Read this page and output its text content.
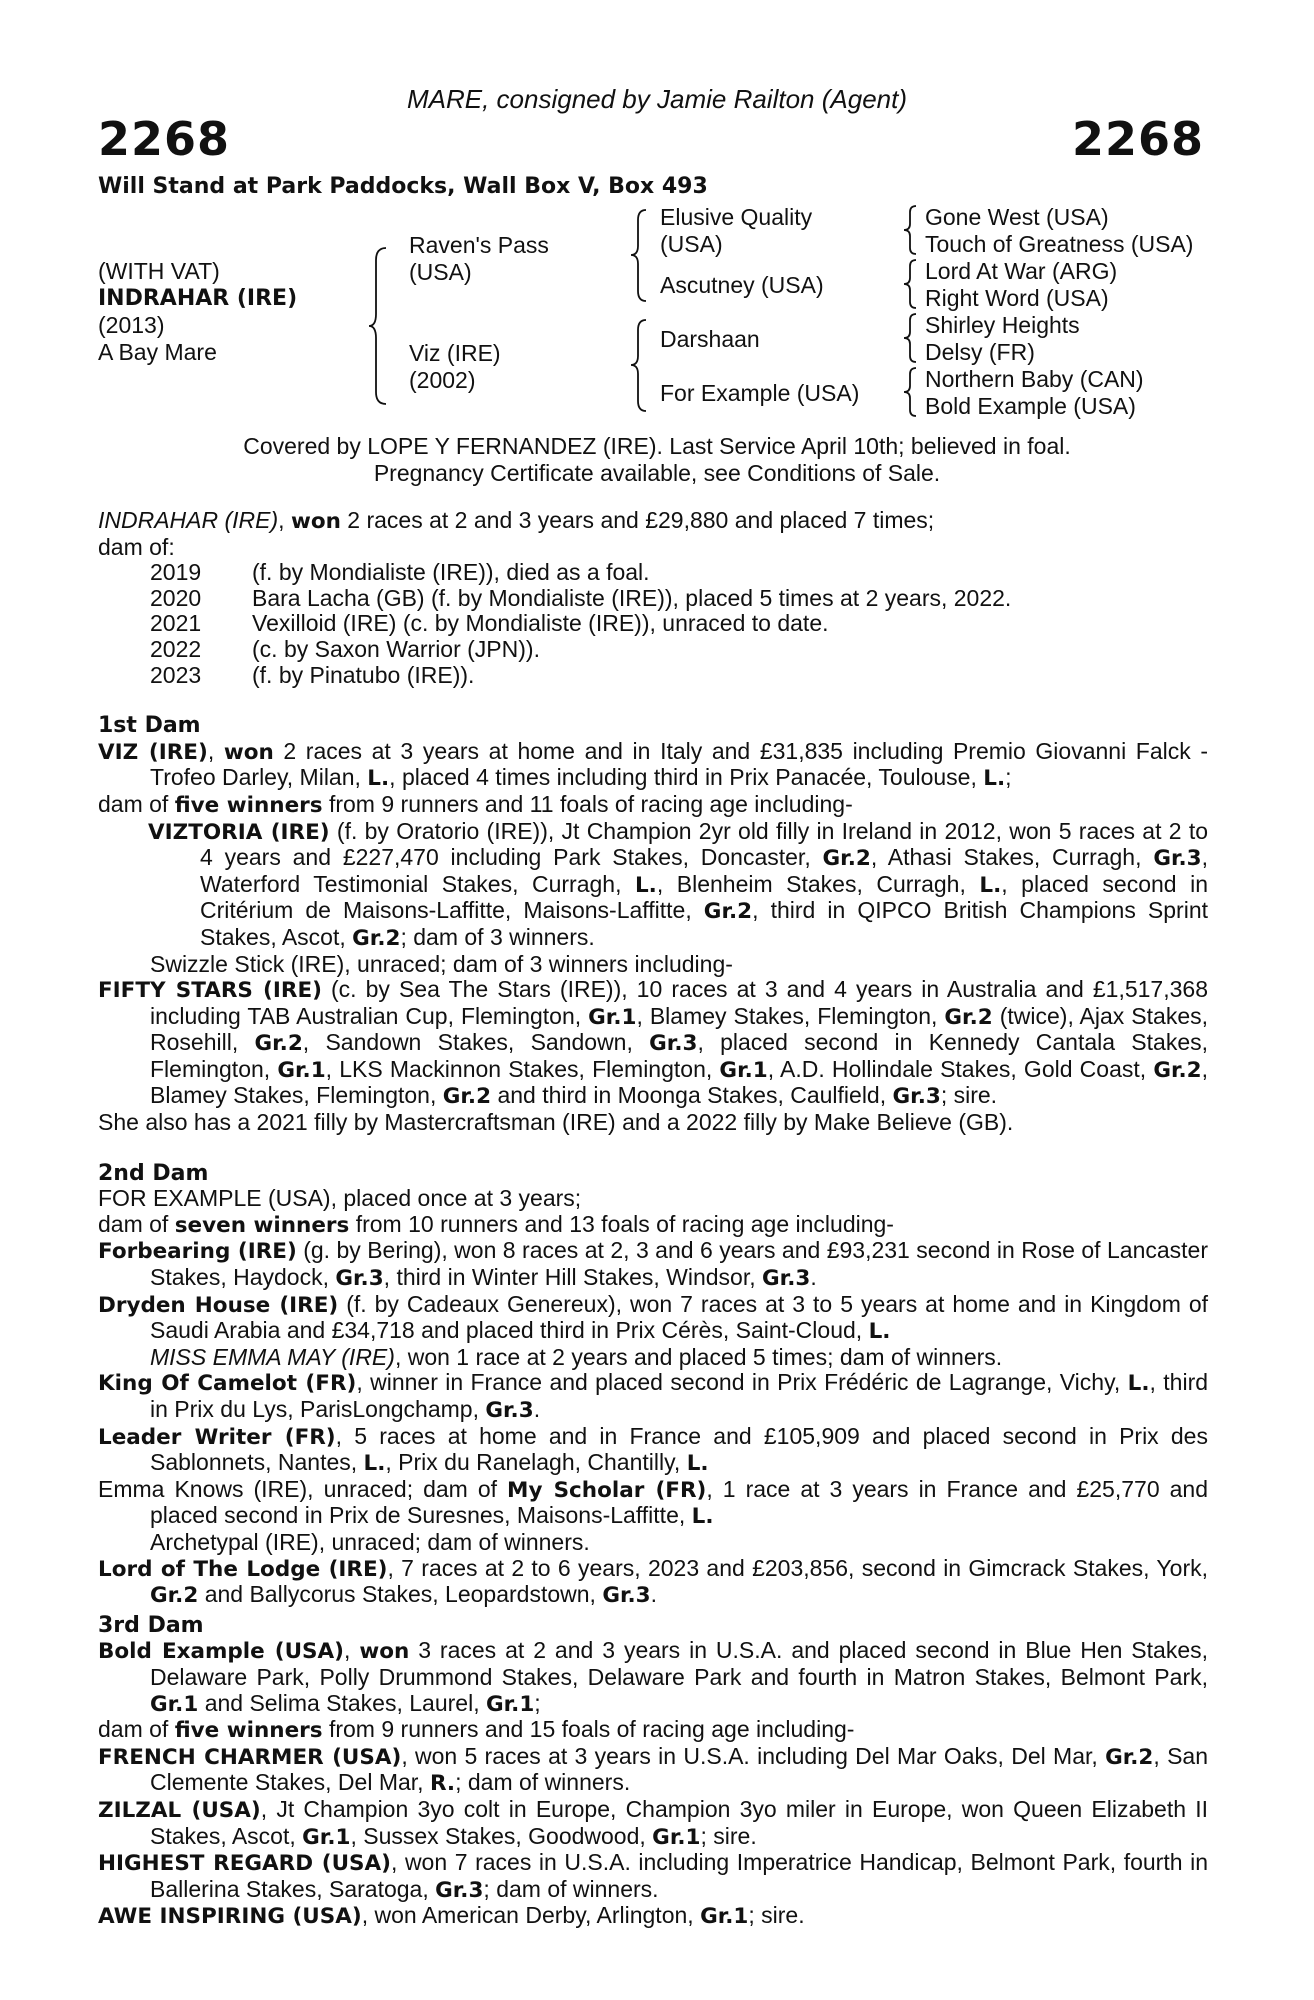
MARE, consigned by Jamie Railton (Agent)
2268	2268
Will Stand at Park Paddocks, Wall Box V, Box 493
(WITH VAT)
INDRAHAR (IRE)
(2013)
A Bay Mare
Raven's Pass
(USA)
Viz (IRE)
(2002)
Elusive Quality
(USA)
Ascutney (USA)
Darshaan
For Example (USA)
Gone West (USA)
Touch of Greatness (USA)
Lord At War (ARG)
Right Word (USA)
Shirley Heights
Delsy (FR)
Northern Baby (CAN)
Bold Example (USA)
Covered by LOPE Y FERNANDEZ (IRE). Last Service April 10th; believed in foal.
Pregnancy Certificate available, see Conditions of Sale.

INDRAHAR (IRE), won 2 races at 2 and 3 years and £29,880 and placed 7 times;

dam of:

2019	(f. by Mondialiste (IRE)), died as a foal.
2020	Bara Lacha (GB) (f. by Mondialiste (IRE)), placed 5 times at 2 years, 2022.
2021	Vexilloid (IRE) (c. by Mondialiste (IRE)), unraced to date.
2022	(c. by Saxon Warrior (JPN)).
2023	(f. by Pinatubo (IRE)).

1st Dam

VIZ (IRE), won 2 races at 3 years at home and in Italy and £31,835 including Premio Giovanni Falck - Trofeo Darley, Milan, L., placed 4 times including third in Prix Panacée, Toulouse, L.;

dam of five winners from 9 runners and 11 foals of racing age including-

VIZTORIA (IRE) (f. by Oratorio (IRE)), Jt Champion 2yr old filly in Ireland in 2012, won 5 races at 2 to 4 years and £227,470 including Park Stakes, Doncaster, Gr.2, Athasi Stakes, Curragh, Gr.3, Waterford Testimonial Stakes, Curragh, L., Blenheim Stakes, Curragh, L., placed second in Critérium de Maisons-Laffitte, Maisons-Laffitte, Gr.2, third in QIPCO British Champions Sprint Stakes, Ascot, Gr.2; dam of 3 winners.

Swizzle Stick (IRE), unraced; dam of 3 winners including-

FIFTY STARS (IRE) (c. by Sea The Stars (IRE)), 10 races at 3 and 4 years in Australia and £1,517,368 including TAB Australian Cup, Flemington, Gr.1, Blamey Stakes, Flemington, Gr.2 (twice), Ajax Stakes, Rosehill, Gr.2, Sandown Stakes, Sandown, Gr.3, placed second in Kennedy Cantala Stakes, Flemington, Gr.1, LKS Mackinnon Stakes, Flemington, Gr.1, A.D. Hollindale Stakes, Gold Coast, Gr.2, Blamey Stakes, Flemington, Gr.2 and third in Moonga Stakes, Caulfield, Gr.3; sire.

She also has a 2021 filly by Mastercraftsman (IRE) and a 2022 filly by Make Believe (GB).

2nd Dam

FOR EXAMPLE (USA), placed once at 3 years;

dam of seven winners from 10 runners and 13 foals of racing age including-

Forbearing (IRE) (g. by Bering), won 8 races at 2, 3 and 6 years and £93,231 second in Rose of Lancaster Stakes, Haydock, Gr.3, third in Winter Hill Stakes, Windsor, Gr.3.

Dryden House (IRE) (f. by Cadeaux Genereux), won 7 races at 3 to 5 years at home and in Kingdom of Saudi Arabia and £34,718 and placed third in Prix Cérès, Saint-Cloud, L.

MISS EMMA MAY (IRE), won 1 race at 2 years and placed 5 times; dam of winners.

King Of Camelot (FR), winner in France and placed second in Prix Frédéric de Lagrange, Vichy, L., third in Prix du Lys, ParisLongchamp, Gr.3.

Leader Writer (FR), 5 races at home and in France and £105,909 and placed second in Prix des Sablonnets, Nantes, L., Prix du Ranelagh, Chantilly, L.

Emma Knows (IRE), unraced; dam of My Scholar (FR), 1 race at 3 years in France and £25,770 and placed second in Prix de Suresnes, Maisons-Laffitte, L.

Archetypal (IRE), unraced; dam of winners.

Lord of The Lodge (IRE), 7 races at 2 to 6 years, 2023 and £203,856, second in Gimcrack Stakes, York, Gr.2 and Ballycorus Stakes, Leopardstown, Gr.3.

3rd Dam

Bold Example (USA), won 3 races at 2 and 3 years in U.S.A. and placed second in Blue Hen Stakes, Delaware Park, Polly Drummond Stakes, Delaware Park and fourth in Matron Stakes, Belmont Park, Gr.1 and Selima Stakes, Laurel, Gr.1;

dam of five winners from 9 runners and 15 foals of racing age including-

FRENCH CHARMER (USA), won 5 races at 3 years in U.S.A. including Del Mar Oaks, Del Mar, Gr.2, San Clemente Stakes, Del Mar, R.; dam of winners.

ZILZAL (USA), Jt Champion 3yo colt in Europe, Champion 3yo miler in Europe, won Queen Elizabeth II Stakes, Ascot, Gr.1, Sussex Stakes, Goodwood, Gr.1; sire.

HIGHEST REGARD (USA), won 7 races in U.S.A. including Imperatrice Handicap, Belmont Park, fourth in Ballerina Stakes, Saratoga, Gr.3; dam of winners.

AWE INSPIRING (USA), won American Derby, Arlington, Gr.1; sire.
